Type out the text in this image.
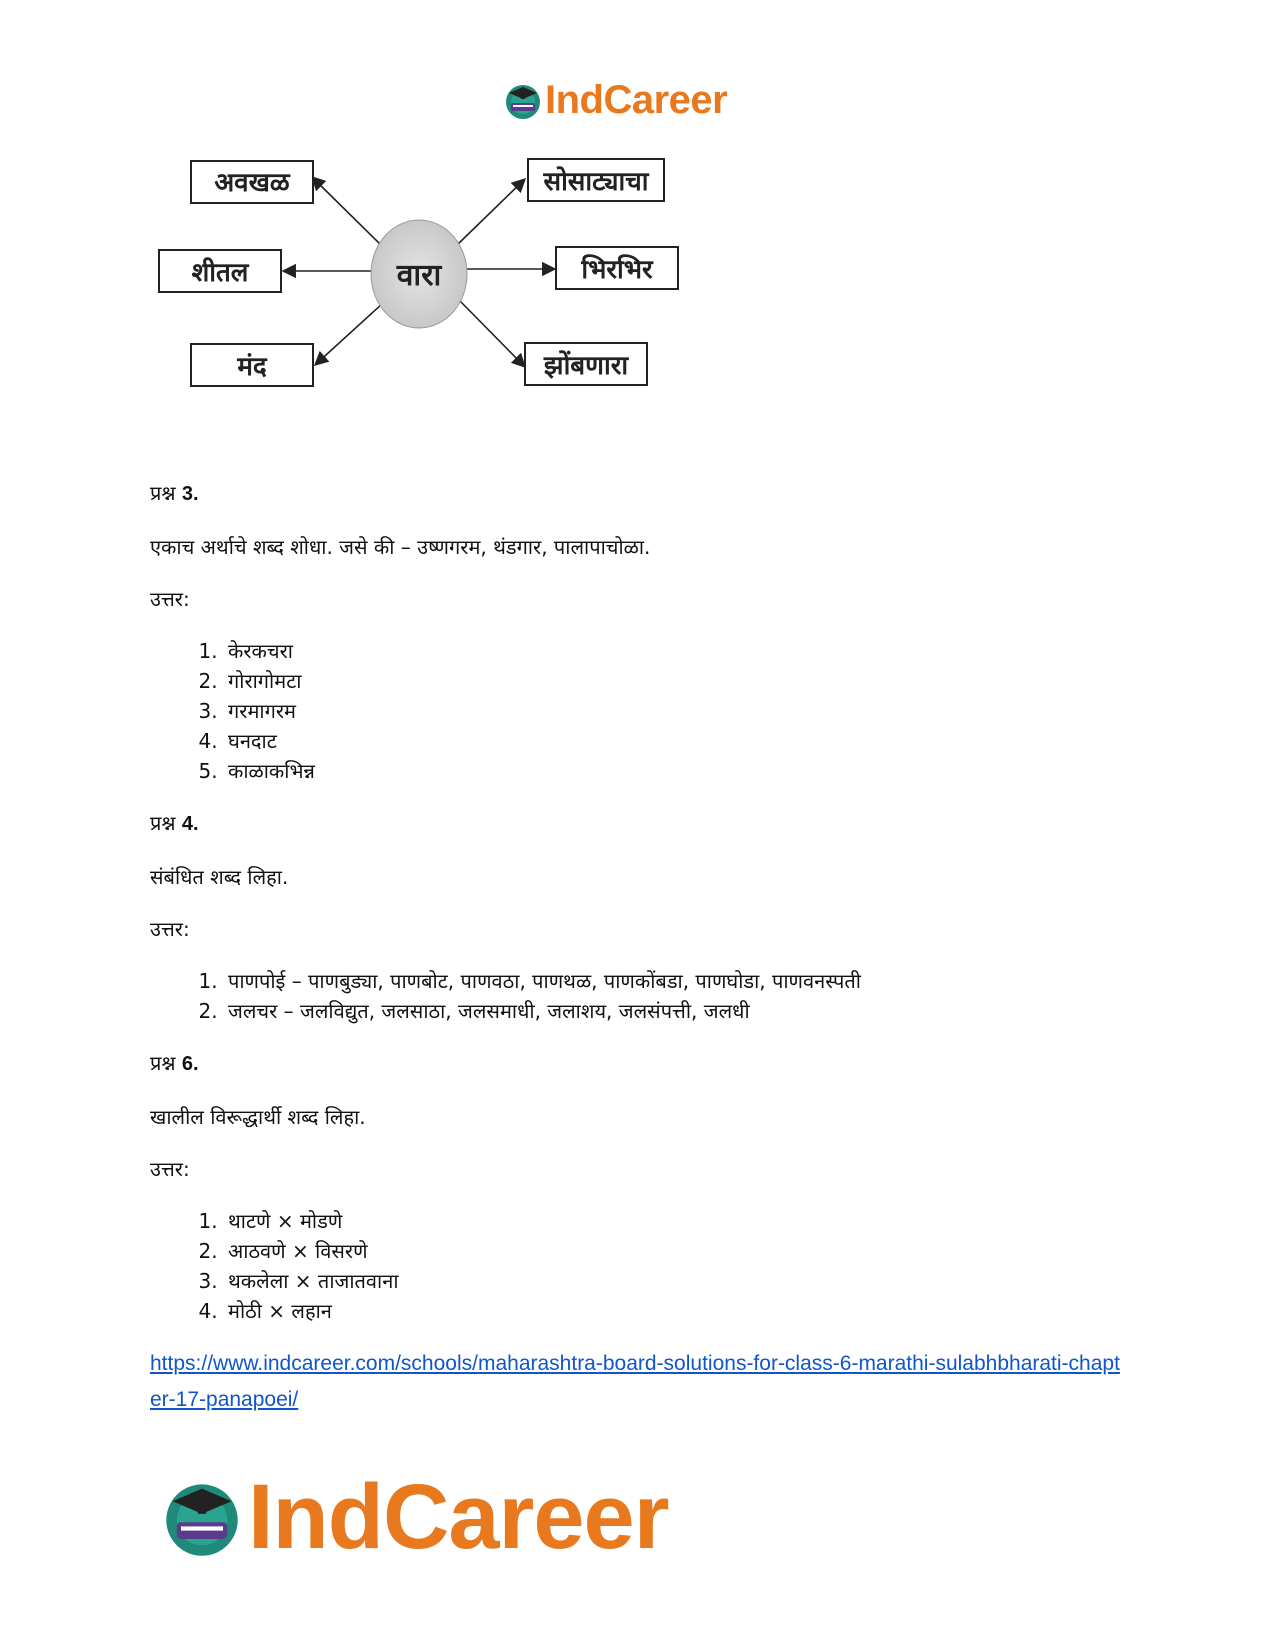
IndCareer
वारा
अवखळ
शीतल
मंद
सोसाट्याचा
भिरभिर
झोंबणारा
प्रश्न 3.
एकाच अर्थाचे शब्द शोधा. जसे की – उष्णगरम, थंडगार, पालापाचोळा.
उत्तर:
1. केरकचरा
2. गोरागोमटा
3. गरमागरम
4. घनदाट
5. काळाकभिन्न
प्रश्न 4.
संबंधित शब्द लिहा.
उत्तर:
1. पाणपोई – पाणबुड्या, पाणबोट, पाणवठा, पाणथळ, पाणकोंबडा, पाणघोडा, पाणवनस्पती
2. जलचर – जलविद्युत, जलसाठा, जलसमाधी, जलाशय, जलसंपत्ती, जलधी
प्रश्न 6.
खालील विरूद्धार्थी शब्द लिहा.
उत्तर:
1. थाटणे × मोडणे
2. आठवणे × विसरणे
3. थकलेला × ताजातवाना
4. मोठी × लहान
https://www.indcareer.com/schools/maharashtra-board-solutions-for-class-6-marathi-sulabhbharati-chapter-17-panapoei/
IndCareer
